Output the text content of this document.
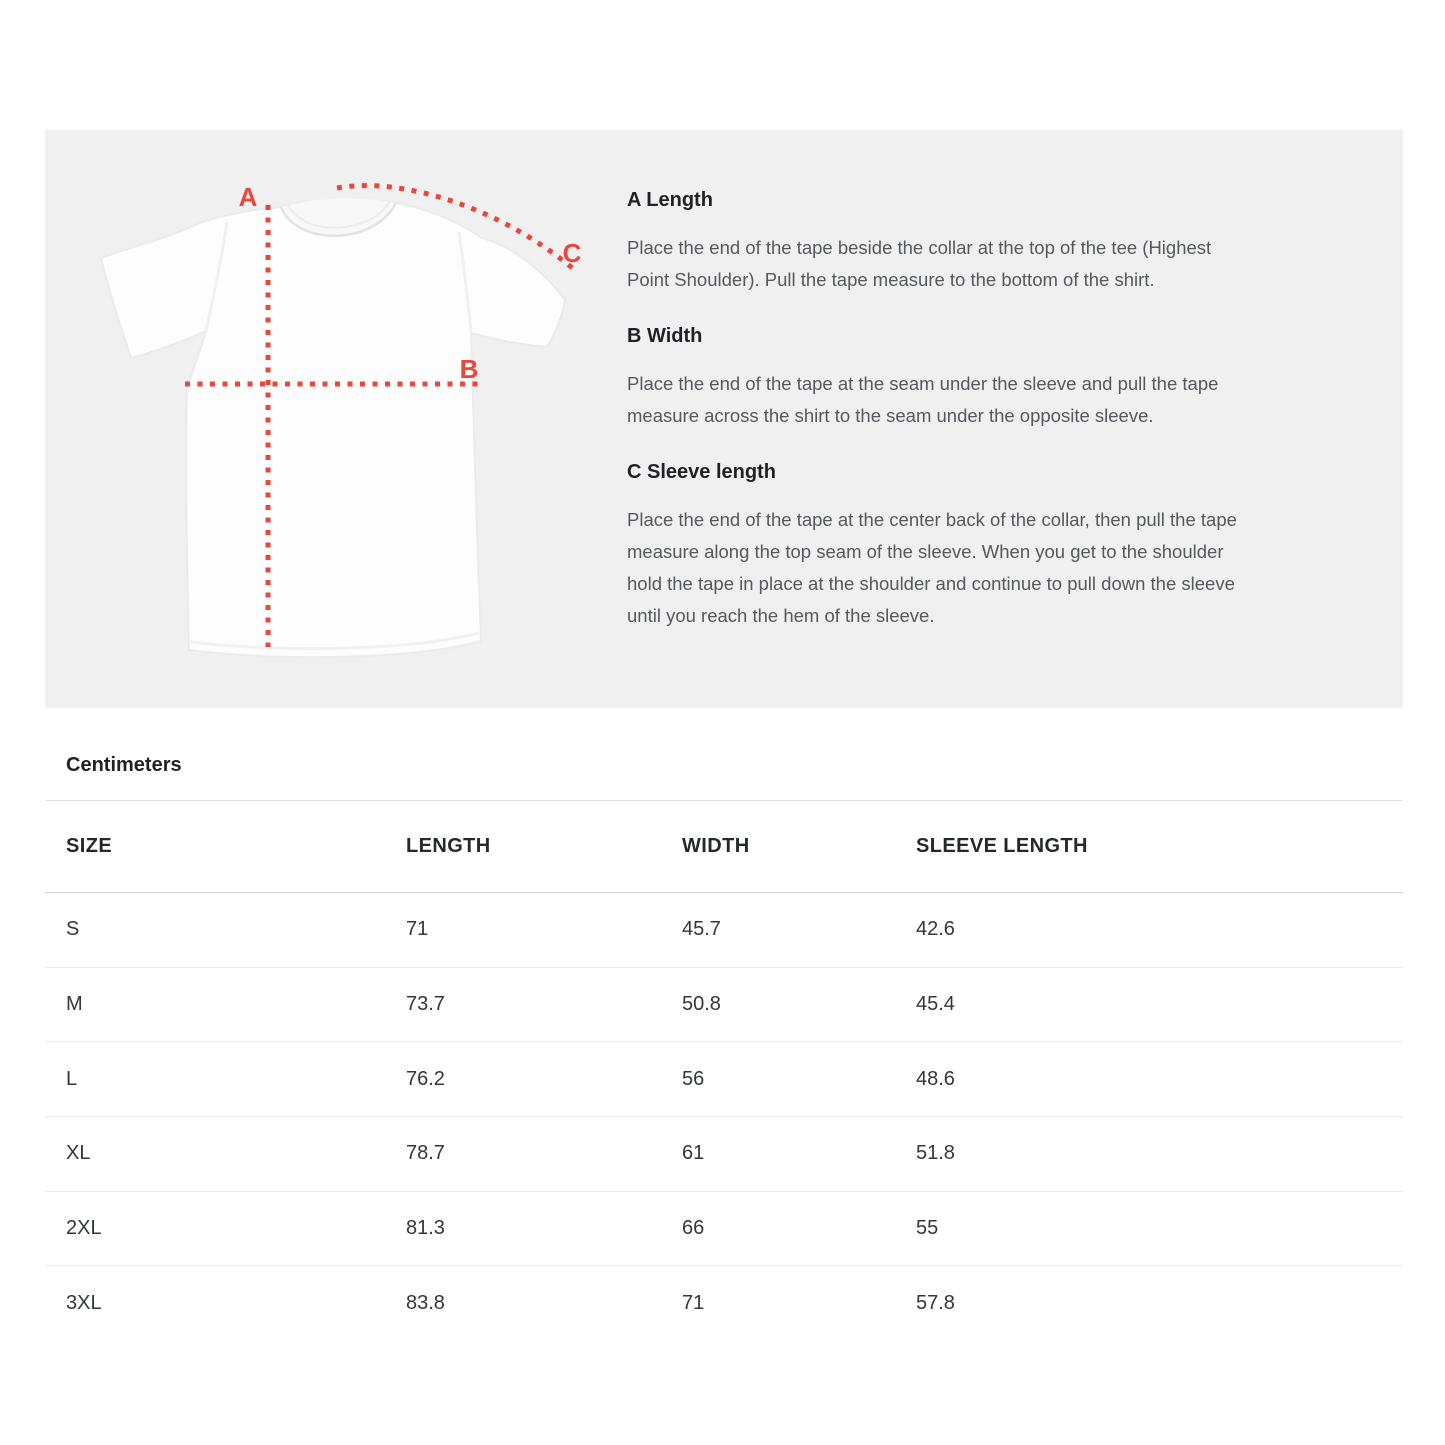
A
B
C
A Length

Place the end of the tape beside the collar at the top of the tee (Highest
Point Shoulder). Pull the tape measure to the bottom of the shirt.

B Width

Place the end of the tape at the seam under the sleeve and pull the tape
measure across the shirt to the seam under the opposite sleeve.

C Sleeve length

Place the end of the tape at the center back of the collar, then pull the tape
measure along the top seam of the sleeve. When you get to the shoulder
hold the tape in place at the shoulder and continue to pull down the sleeve
until you reach the hem of the sleeve.

Centimeters
SIZE	LENGTH	WIDTH	SLEEVE LENGTH
S	71	45.7	42.6
M	73.7	50.8	45.4
L	76.2	56	48.6
XL	78.7	61	51.8
2XL	81.3	66	55
3XL	83.8	71	57.8
